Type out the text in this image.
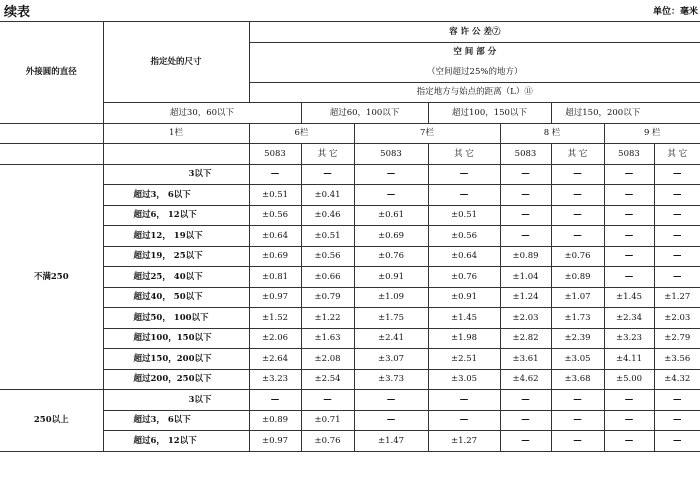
续表	单位：毫米
外接圆的直径	指定处的尺寸	容 许 公 差⑦							
		空 间 部 分							
		（空间超过25%的地方）							
		指定地方与始点的距离（L）⑪							
	超过30，60以下		超过60，100以下		超过100，150以下		超过150，200以下		
	1栏	6栏		7栏		8 栏		9 栏	
		5083	其 它	5083	其 它	5083	其 它	5083	其 它
不满250	3以下	—	—	—	—	—	—	—	—
	超过3， 6以下	±0.51	±0.41	—	—	—	—	—	—
	超过6， 12以下	±0.56	±0.46	±0.61	±0.51	—	—	—	—
	超过12， 19以下	±0.64	±0.51	±0.69	±0.56	—	—	—	—
	超过19， 25以下	±0.69	±0.56	±0.76	±0.64	±0.89	±0.76	—	—
	超过25， 40以下	±0.81	±0.66	±0.91	±0.76	±1.04	±0.89	—	—
	超过40， 50以下	±0.97	±0.79	±1.09	±0.91	±1.24	±1.07	±1.45	±1.27
	超过50， 100以下	±1.52	±1.22	±1.75	±1.45	±2.03	±1.73	±2.34	±2.03
	超过100，150以下	±2.06	±1.63	±2.41	±1.98	±2.82	±2.39	±3.23	±2.79
	超过150，200以下	±2.64	±2.08	±3.07	±2.51	±3.61	±3.05	±4.11	±3.56
	超过200，250以下	±3.23	±2.54	±3.73	±3.05	±4.62	±3.68	±5.00	±4.32
250以上	3以下	—	—	—	—	—	—	—	—
	超过3， 6以下	±0.89	±0.71	—	—	—	—	—	—
	超过6， 12以下	±0.97	±0.76	±1.47	±1.27	—	—	—	—
